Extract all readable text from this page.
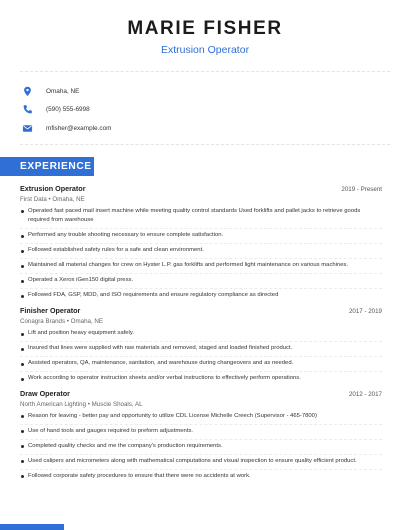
MARIE FISHER
Extrusion Operator
Omaha, NE
(590) 555-6998
mfisher@example.com
EXPERIENCE
Extrusion Operator	2019 - Present
First Data • Omaha, NE
Operated fast paced mail insert machine while meeting quality control standards Used forklifts and pallet jacks to retrieve goods required from warehouse
Performed any trouble shooting necessary to ensure complete satisfaction.
Followed established safety rules for a safe and clean environment.
Maintained all material changes for crew on Hyster L.P. gas forklifts and performed light maintenance on various machines.
Operated a Xerox iGen150 digital press.
Followed FDA, GSP, MDD, and ISO requirements and ensure regulatory compliance as directed
Finisher Operator	2017 - 2019
Conagra Brands • Omaha, NE
Lift and position heavy equipment safely.
Insured that lines were supplied with raw materials and removed, staged and loaded finished product.
Assisted operators, QA, maintenance, sanitation, and warehouse during changeovers and as needed.
Work according to operator instruction sheets and/or verbal instructions to effectively perform operations.
Draw Operator	2012 - 2017
North American Lighting • Muscle Shoals, AL
Reason for leaving - better pay and opportunity to utilize CDL License Michelle Creech (Supervisor - 465-7800)
Use of hand tools and gauges required to preform adjustments.
Completed quality checks and me the company's production requirements.
Used calipers and micrometers along with mathematical computations and visual inspection to ensure quality efficient product.
Followed corporate safety procedures to ensure that there were no accidents at work.
